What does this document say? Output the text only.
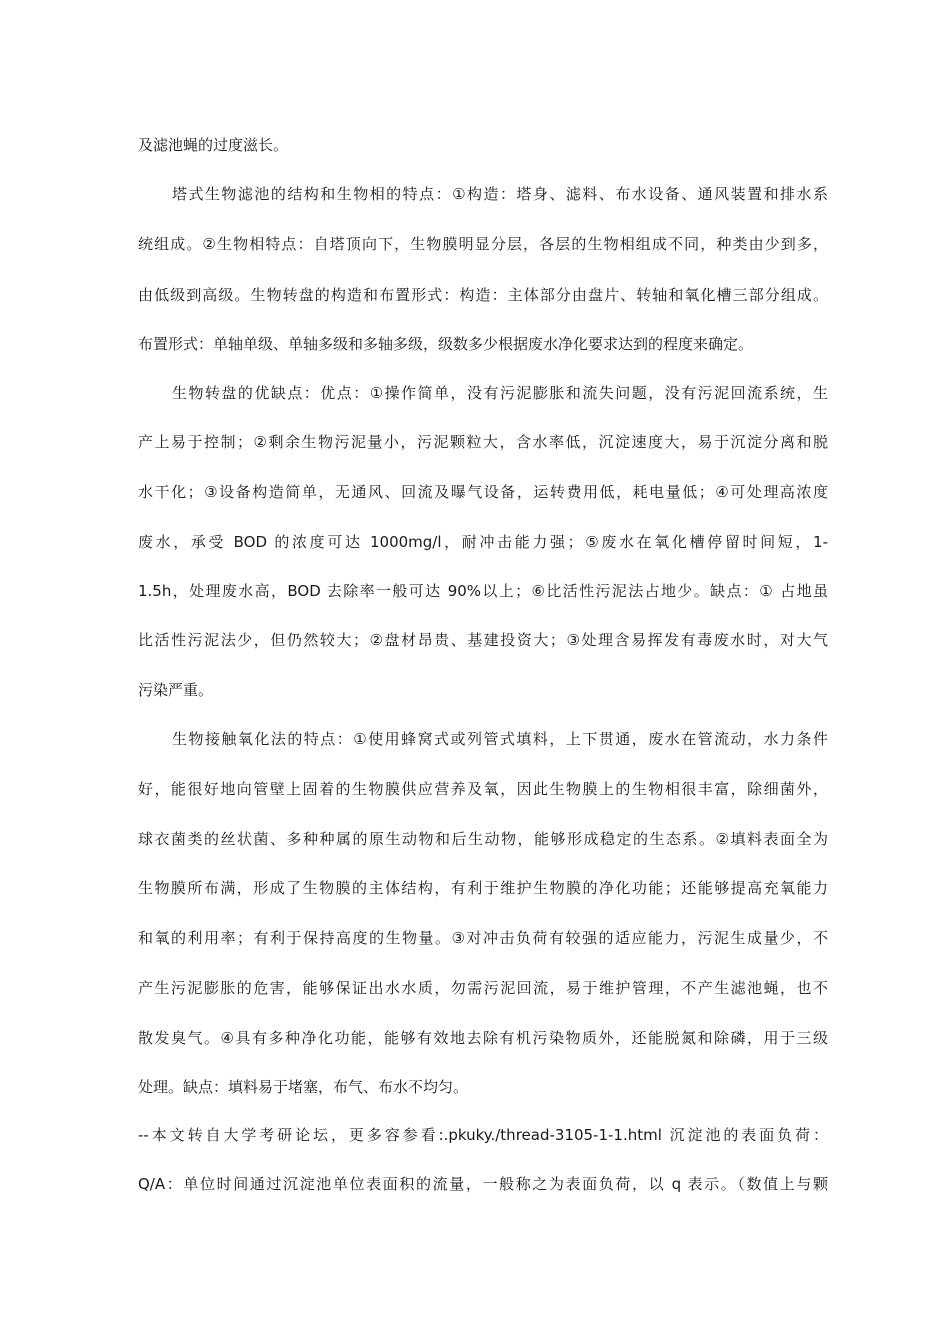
及滤池蝇的过度滋长。

塔式生物滤池的结构和生物相的特点：①构造：塔身、滤料、布水设备、通风装置和排水系

统组成。②生物相特点：自塔顶向下，生物膜明显分层，各层的生物相组成不同，种类由少到多，

由低级到高级。生物转盘的构造和布置形式：构造：主体部分由盘片、转轴和氧化槽三部分组成。

布置形式：单轴单级、单轴多级和多轴多级，级数多少根据废水净化要求达到的程度来确定。

生物转盘的优缺点：优点：①操作简单，没有污泥膨胀和流失问题，没有污泥回流系统，生

产上易于控制；②剩余生物污泥量小，污泥颗粒大，含水率低，沉淀速度大，易于沉淀分离和脱

水干化；③设备构造简单，无通风、回流及曝气设备，运转费用低，耗电量低；④可处理高浓度

废水，承受 BOD 的浓度可达 1000mg/l，耐冲击能力强；⑤废水在氧化槽停留时间短，1-

1.5h，处理废水高，BOD 去除率一般可达 90%以上；⑥比活性污泥法占地少。缺点：① 占地虽

比活性污泥法少，但仍然较大；②盘材昂贵、基建投资大；③处理含易挥发有毒废水时，对大气

污染严重。

生物接触氧化法的特点：①使用蜂窝式或列管式填料，上下贯通，废水在管流动，水力条件

好，能很好地向管壁上固着的生物膜供应营养及氧，因此生物膜上的生物相很丰富，除细菌外，

球衣菌类的丝状菌、多种种属的原生动物和后生动物，能够形成稳定的生态系。②填料表面全为

生物膜所布满，形成了生物膜的主体结构，有利于维护生物膜的净化功能；还能够提高充氧能力

和氧的利用率；有利于保持高度的生物量。③对冲击负荷有较强的适应能力，污泥生成量少，不

产生污泥膨胀的危害，能够保证出水水质，勿需污泥回流，易于维护管理，不产生滤池蝇，也不

散发臭气。④具有多种净化功能，能够有效地去除有机污染物质外，还能脱氮和除磷，用于三级

处理。缺点：填料易于堵塞，布气、布水不均匀。

--本文转自大学考研论坛，更多容参看:.pkuky./thread-3105-1-1.html 沉淀池的表面负荷：

Q/A：单位时间通过沉淀池单位表面积的流量，一般称之为表面负荷，以 q 表示。（数值上与颗
